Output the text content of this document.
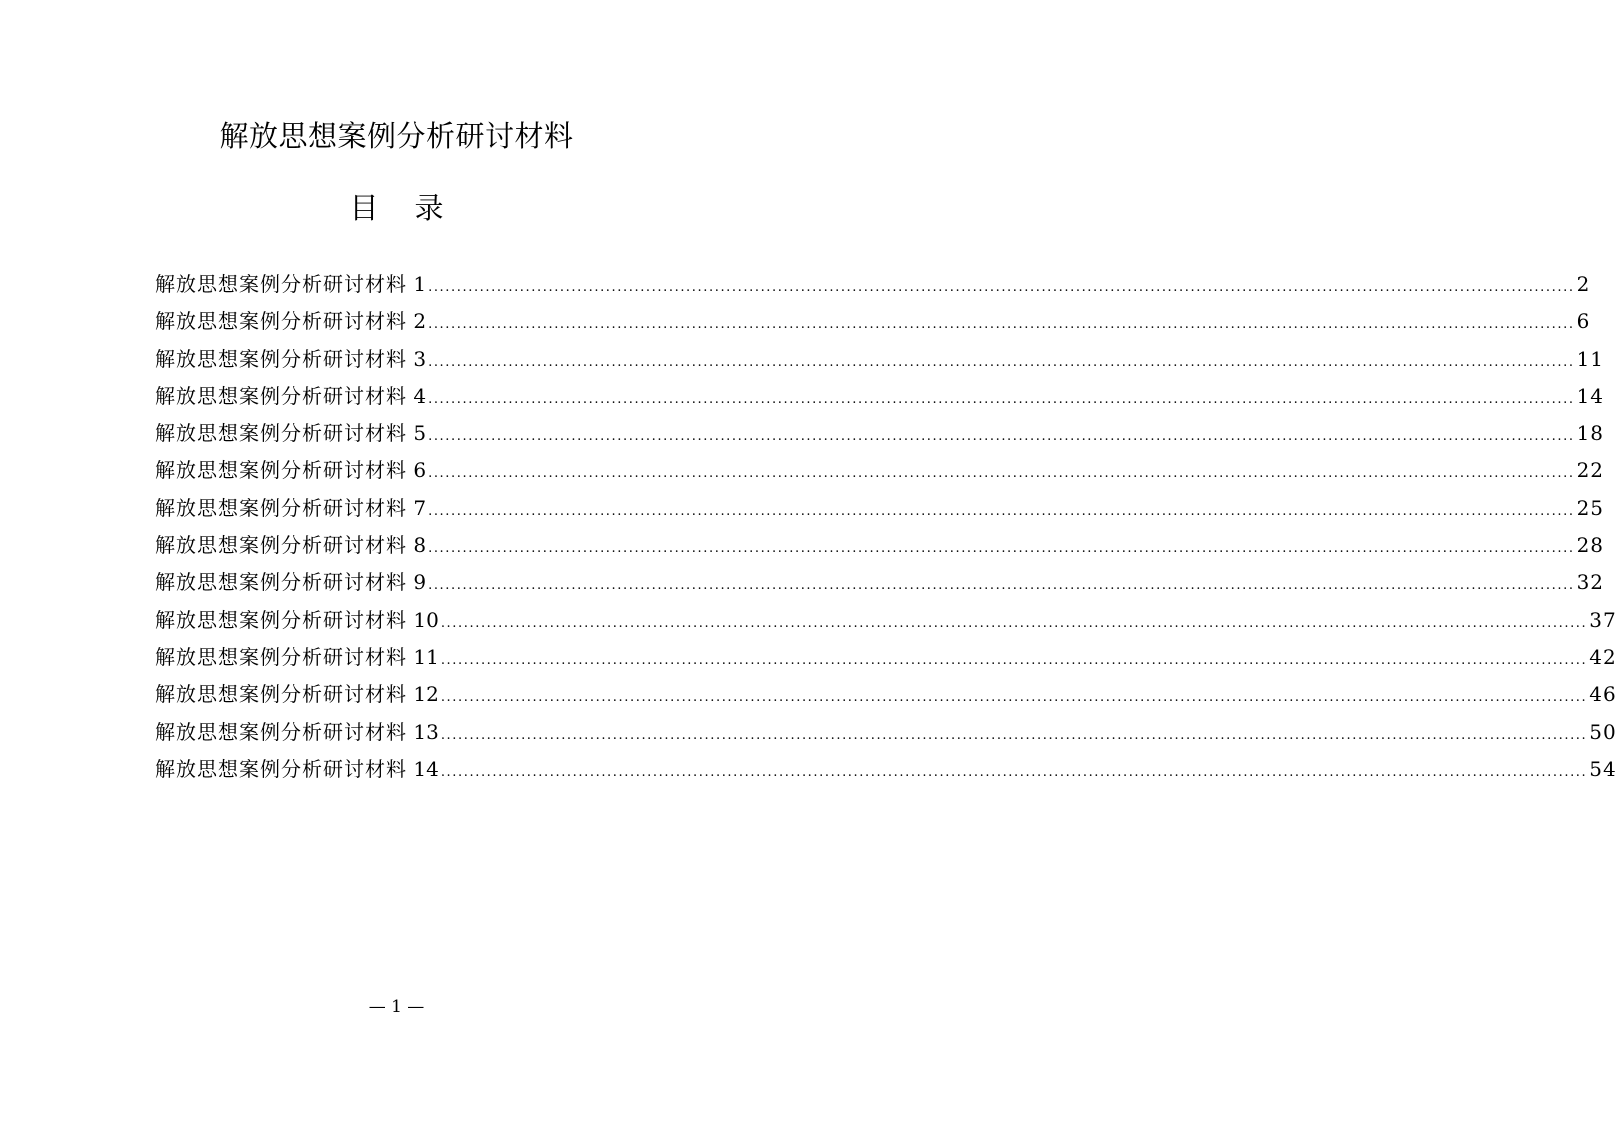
解放思想案例分析研讨材料
目 录
解放思想案例分析研讨材料 1 ........................................................................................................................................................................................................ 2
解放思想案例分析研讨材料 2 ........................................................................................................................................................................................................ 6
解放思想案例分析研讨材料 3 ........................................................................................................................................................................................................ 11
解放思想案例分析研讨材料 4 ........................................................................................................................................................................................................ 14
解放思想案例分析研讨材料 5 ........................................................................................................................................................................................................ 18
解放思想案例分析研讨材料 6 ........................................................................................................................................................................................................ 22
解放思想案例分析研讨材料 7 ........................................................................................................................................................................................................ 25
解放思想案例分析研讨材料 8 ........................................................................................................................................................................................................ 28
解放思想案例分析研讨材料 9 ........................................................................................................................................................................................................ 32
解放思想案例分析研讨材料 10 ........................................................................................................................................................................................................ 37
解放思想案例分析研讨材料 11 ........................................................................................................................................................................................................ 42
解放思想案例分析研讨材料 12 ........................................................................................................................................................................................................ 46
解放思想案例分析研讨材料 13 ........................................................................................................................................................................................................ 50
解放思想案例分析研讨材料 14 ........................................................................................................................................................................................................ 54
— 1 —
